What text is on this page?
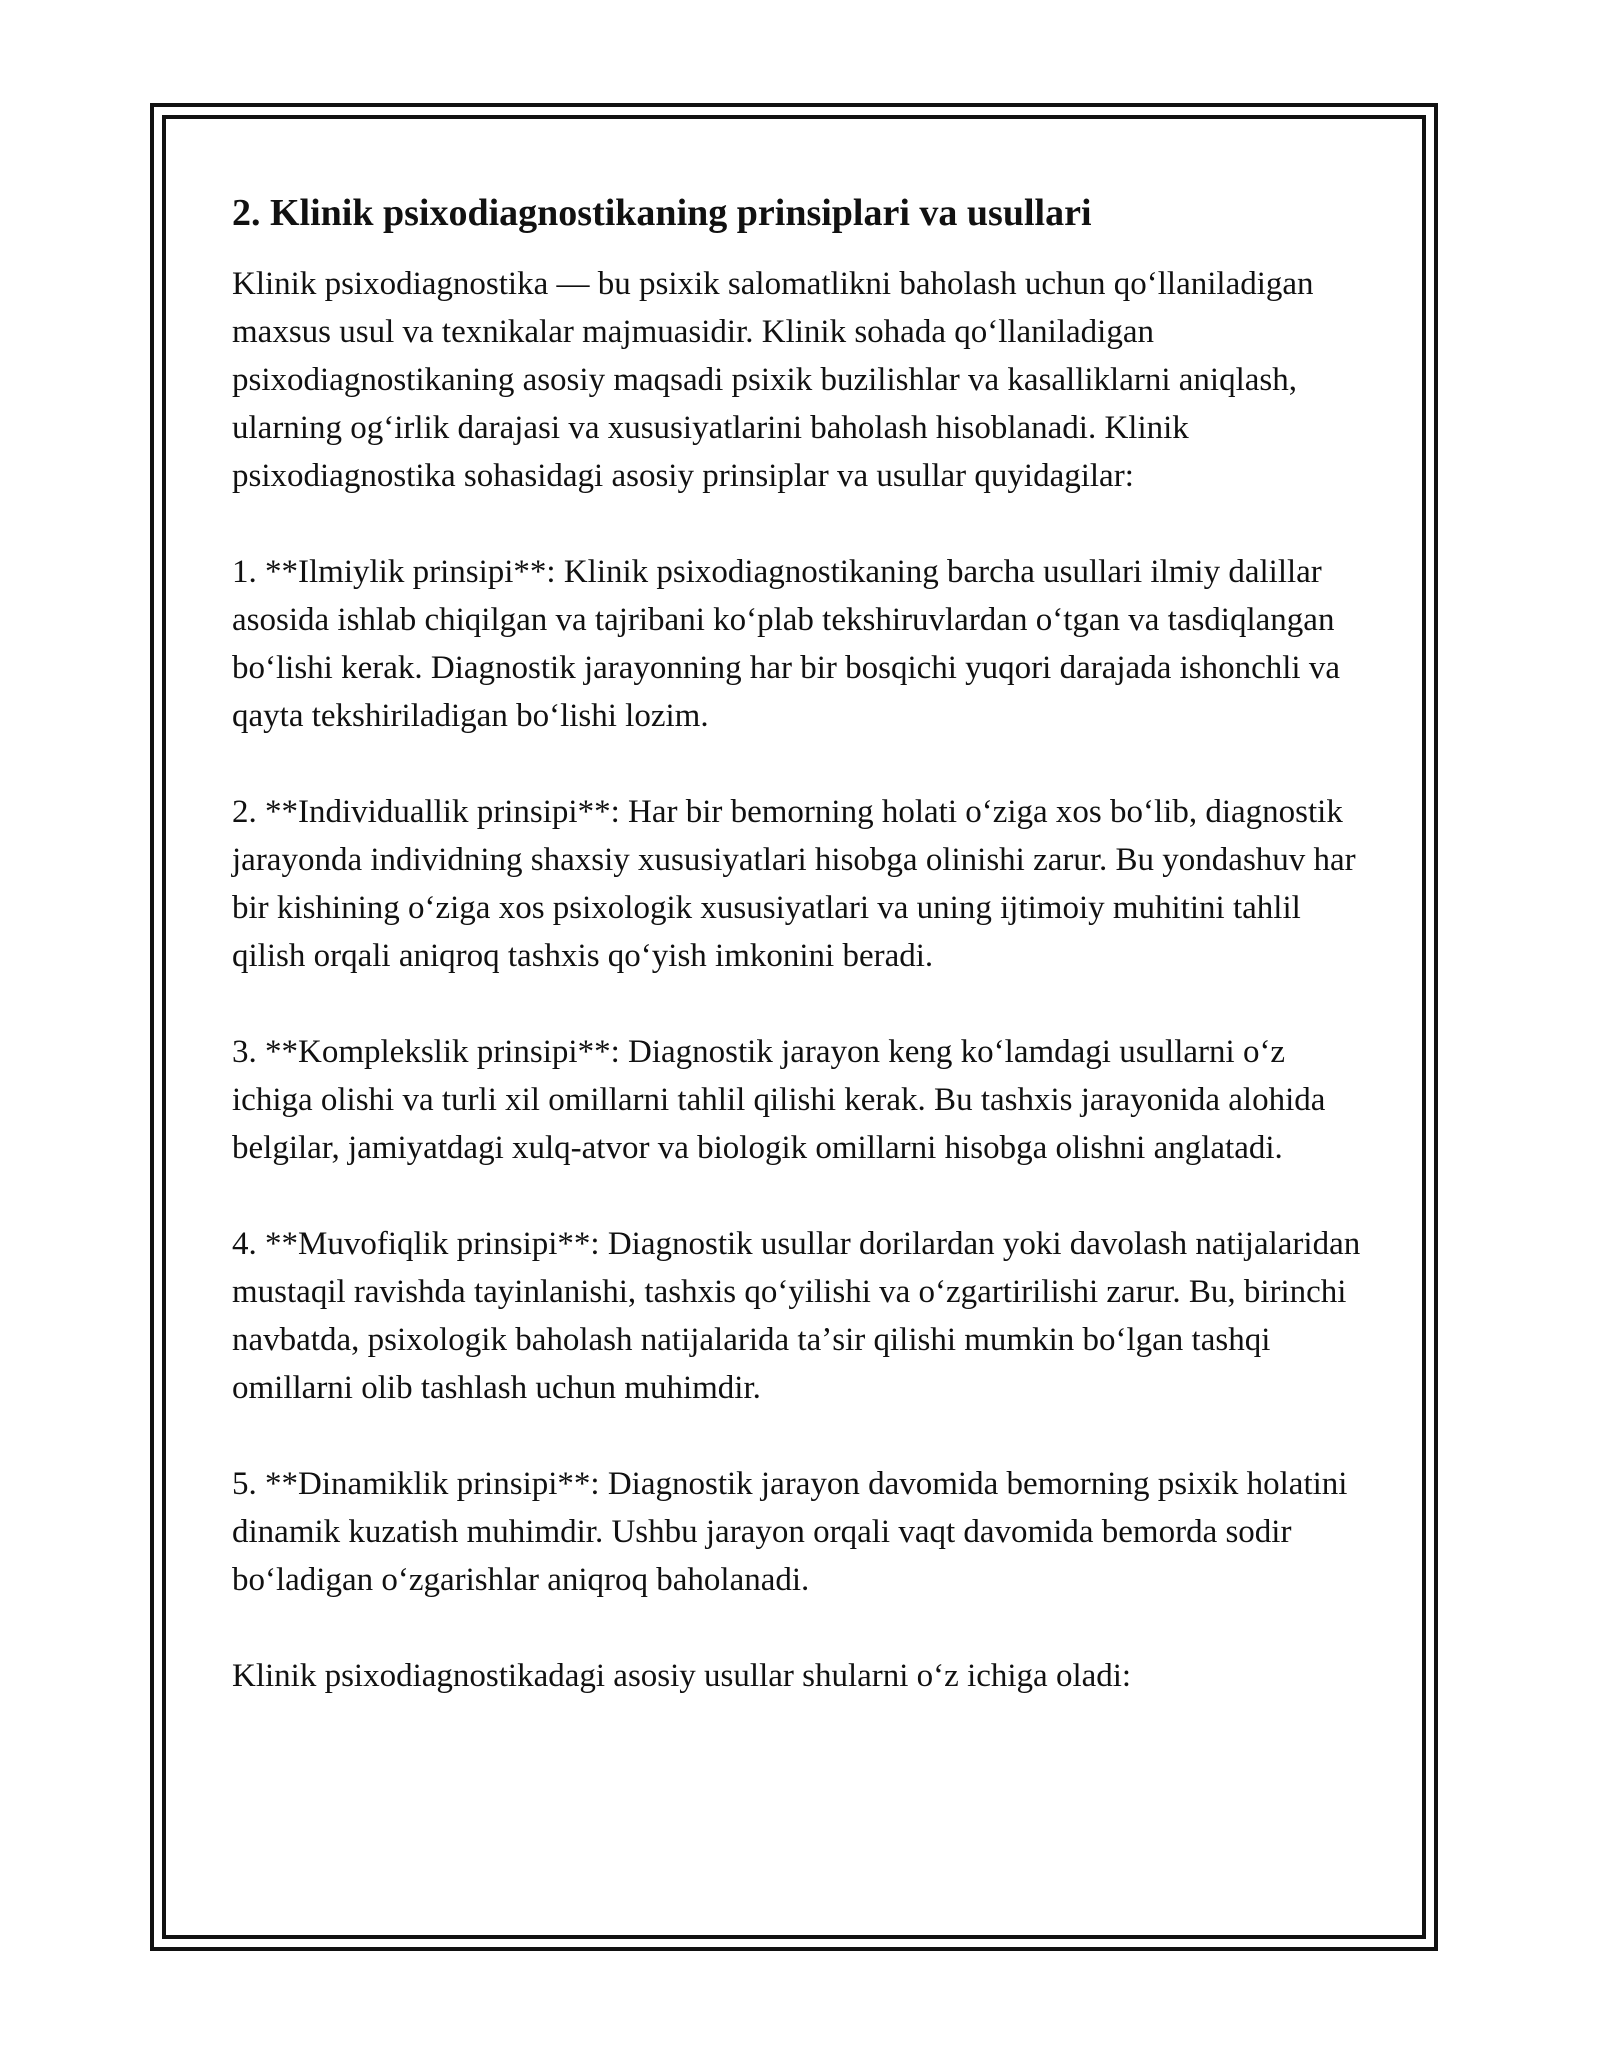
2. Klinik psixodiagnostikaning prinsiplari va usullari

Klinik psixodiagnostika — bu psixik salomatlikni baholash uchun qoʻllaniladigan maxsus usul va texnikalar majmuasidir. Klinik sohada qoʻllaniladigan psixodiagnostikaning asosiy maqsadi psixik buzilishlar va kasalliklarni aniqlash, ularning ogʻirlik darajasi va xususiyatlarini baholash hisoblanadi. Klinik psixodiagnostika sohasidagi asosiy prinsiplar va usullar quyidagilar:

1. **Ilmiylik prinsipi**: Klinik psixodiagnostikaning barcha usullari ilmiy dalillar asosida ishlab chiqilgan va tajribani koʻplab tekshiruvlardan oʻtgan va tasdiqlangan boʻlishi kerak. Diagnostik jarayonning har bir bosqichi yuqori darajada ishonchli va qayta tekshiriladigan boʻlishi lozim.

2. **Individuallik prinsipi**: Har bir bemorning holati oʻziga xos boʻlib, diagnostik jarayonda individning shaxsiy xususiyatlari hisobga olinishi zarur. Bu yondashuv har bir kishining oʻziga xos psixologik xususiyatlari va uning ijtimoiy muhitini tahlil qilish orqali aniqroq tashxis qoʻyish imkonini beradi.

3. **Komplekslik prinsipi**: Diagnostik jarayon keng koʻlamdagi usullarni oʻz ichiga olishi va turli xil omillarni tahlil qilishi kerak. Bu tashxis jarayonida alohida belgilar, jamiyatdagi xulq-atvor va biologik omillarni hisobga olishni anglatadi.

4. **Muvofiqlik prinsipi**: Diagnostik usullar dorilardan yoki davolash natijalaridan mustaqil ravishda tayinlanishi, tashxis qoʻyilishi va oʻzgartirilishi zarur. Bu, birinchi navbatda, psixologik baholash natijalarida taʼsir qilishi mumkin boʻlgan tashqi omillarni olib tashlash uchun muhimdir.

5. **Dinamiklik prinsipi**: Diagnostik jarayon davomida bemorning psixik holatini dinamik kuzatish muhimdir. Ushbu jarayon orqali vaqt davomida bemorda sodir boʻladigan oʻzgarishlar aniqroq baholanadi.

Klinik psixodiagnostikadagi asosiy usullar shularni oʻz ichiga oladi:
